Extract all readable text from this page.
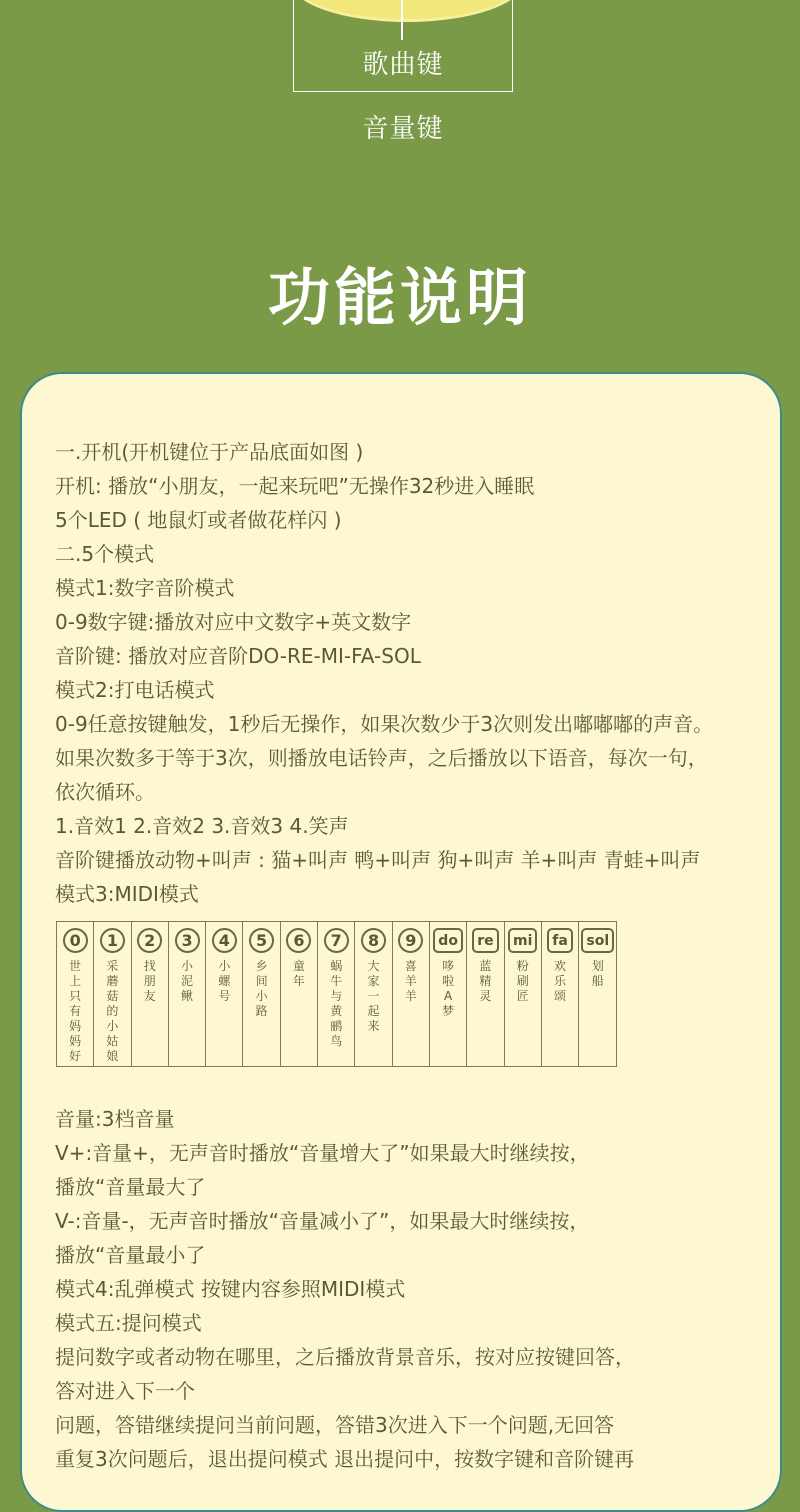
歌曲键
音量键
功能说明
一.开机(开机键位于产品底面如图 )
开机: 播放“小朋友，一起来玩吧”无操作32秒进入睡眠
5个LED ( 地鼠灯或者做花样闪 )
二.5个模式
模式1:数字音阶模式
0-9数字键:播放对应中文数字+英文数字
音阶键: 播放对应音阶DO-RE-MI-FA-SOL
模式2:打电话模式
0-9任意按键触发，1秒后无操作，如果次数少于3次则发出嘟嘟嘟的声音。
如果次数多于等于3次，则播放电话铃声，之后播放以下语音，每次一句，
依次循环。
1.音效1 2.音效2 3.音效3 4.笑声
音阶键播放动物+叫声 : 猫+叫声 鸭+叫声 狗+叫声 羊+叫声 青蛙+叫声
模式3:MIDI模式
0
世上只有妈妈好
1
采蘑菇的小姑娘
2
找朋友
3
小泥鳅
4
小螺号
5
乡间小路
6
童年
7
蜗牛与黄鹂鸟
8
大家一起来
9
喜羊羊
do
哆啦A梦
re
蓝精灵
mi
粉刷匠
fa
欢乐颂
sol
划船
音量:3档音量
V+:音量+，无声音时播放“音量增大了”如果最大时继续按，
播放“音量最大了
V-:音量-，无声音时播放“音量减小了”，如果最大时继续按，
播放“音量最小了
模式4:乱弹模式 按键内容参照MIDI模式
模式五:提问模式
提问数字或者动物在哪里，之后播放背景音乐，按对应按键回答，
答对进入下一个
问题，答错继续提问当前问题，答错3次进入下一个问题,无回答
重复3次问题后，退出提问模式 退出提问中，按数字键和音阶键再
